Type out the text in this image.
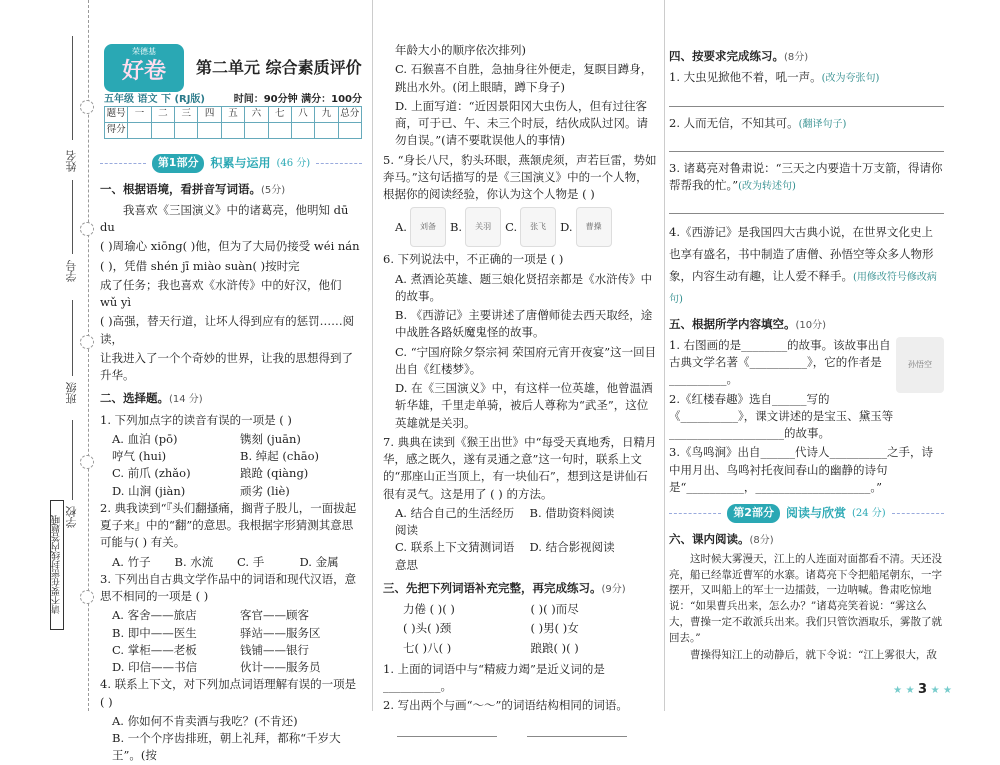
姓名
学号
班级
学校
请不要在密封线内答题哦
荣德基
好卷	第二单元 综合素质评价
五年级 语文 下 (RJ版)	时间：90分钟 满分：100分
题号	一	二	三	四	五	六	七	八	九	总分
得分										
第1部分	积累与运用 (46 分)
一、根据语境，看拼音写词语。(5分)
我喜欢《三国演义》中的诸葛亮，他明知 dū du
( )周瑜心 xiōng( )他，但为了大局仍接受 wéi nán
( )，凭借 shén jī miào suàn( )按时完
成了任务；我也喜欢《水浒传》中的好汉，他们 wǔ yì
( )高强，替天行道，让坏人得到应有的惩罚……阅读，
让我进入了一个个奇妙的世界，让我的思想得到了升华。
二、选择题。(14 分)
1. 下列加点字的读音有误的一项是 ( )
A. 血泊 (pō)	镌刻 (juān)
哼气 (hui)	B. 绰起 (chāo)
C. 前爪 (zhǎo)	踉跄 (qiàng)
D. 山涧 (jiàn)	顽劣 (liè)
2. 典我读到“『头们翻搔痛，搁背子股儿，一面拔起夏子来』中的“翻”的意思。我根据字形猜测其意思可能与( ) 有关。
A. 竹子	B. 水流	C. 手	D. 金属
3. 下列出自古典文学作品中的词语和现代汉语，意思不相同的一项是 ( )
A. 客舍——旅店	客官——顾客
B. 即中——医生	驿站——服务区
C. 掌柜——老板	钱铺——银行
D. 印信——书信	伙计——服务员
4. 联系上下文，对下列加点词语理解有误的一项是 ( )
A. 你如何不肯卖酒与我吃？(不肯还)
B. 一个个序齿排班，朝上礼拜，都称“千岁大王”。(按
年龄大小的顺序依次排列)
C. 石猴喜不自胜，急抽身往外便走，复瞑目蹲身，跳出水外。(闭上眼睛，蹲下身子)
D. 上面写道：“近因景阳冈大虫伤人，但有过往客商，可于已、午、未三个时辰，结伙成队过冈。请勿自误。”(请不要耽误他人的事情)
5. “身长八尺，豹头环眼，燕颔虎须，声若巨雷，势如奔马。”这句话描写的是《三国演义》中的一个人物，根据你的阅读经验，你认为这个人物是 ( )
A.	刘备	B.	关羽	C.	张飞	D.	曹操
6. 下列说法中，不正确的一项是 ( )
A. 煮酒论英雄、题三娘化贤招亲都是《水浒传》中的故事。
B. 《西游记》主要讲述了唐僧师徒去西天取经，途中战胜各路妖魔鬼怪的故事。
C. “宁国府除夕祭宗祠 荣国府元宵开夜宴”这一回目出自《红楼梦》。
D. 在《三国演义》中，有这样一位英雄，他曾温酒斩华雄，千里走单骑，被后人尊称为“武圣”，这位英雄就是关羽。
7. 典典在读到《猴王出世》中“每受天真地秀，日精月华，感之既久，遂有灵通之意”这一句时，联系上文的“那座山正当顶上，有一块仙石”，想到这是讲仙石很有灵气。这是用了 ( ) 的方法。
A. 结合自己的生活经历阅读
B. 借助资料阅读
C. 联系上下文猜测词语意思
D. 结合影视阅读
三、先把下列词语补充完整，再完成练习。(9分)
力倦 ( )( )	( )( )而尽
( )头( )颈	( )男( )女
七( )八( )	踉踉( )( )
1. 上面的词语中与“精疲力竭”是近义词的是__________。
2. 写出两个与画“～～”的词语结构相同的词语。
四、按要求完成练习。(8分)
1. 大虫见掀他不着，吼一声。(改为夸张句)
2. 人而无信，不知其可。(翻译句子)
3. 诸葛亮对鲁肃说：“三天之内要造十万支箭，得请你帮帮我的忙。”(改为转述句)
4.《西游记》是我国四大古典小说，在世界文化史上也享有盛名，书中制造了唐僧、孙悟空等众多人物形象，内容生动有趣，让人爱不释手。(用修改符号修改病句)
五、根据所学内容填空。(10分)
孙悟空
1. 右图画的是________的故事。该故事出自古典文学名著《__________》，它的作者是__________。
2.《红楼春趣》选自______写的《__________》，课文讲述的是宝玉、黛玉等____________________的故事。
3.《鸟鸣涧》出自______代诗人__________之手，诗中用月出、鸟鸣衬托夜间春山的幽静的诗句是“__________，____________________。”
第2部分	阅读与欣赏 (24 分)
六、课内阅读。(8分)
这时候大雾漫天，江上的人连面对面都看不清。天还没亮，船已经靠近曹军的水寨。诸葛亮下令把船尾朝东，一字摆开，又叫船上的军士一边擂鼓，一边呐喊。鲁肃吃惊地说：“如果曹兵出来，怎么办？”诸葛亮笑着说：“雾这么大，曹操一定不敢派兵出来。我们只管饮酒取乐，雾散了就回去。”
曹操得知江上的动静后，就下令说：“江上雾很大，敌
★ ★ 3 ★ ★
